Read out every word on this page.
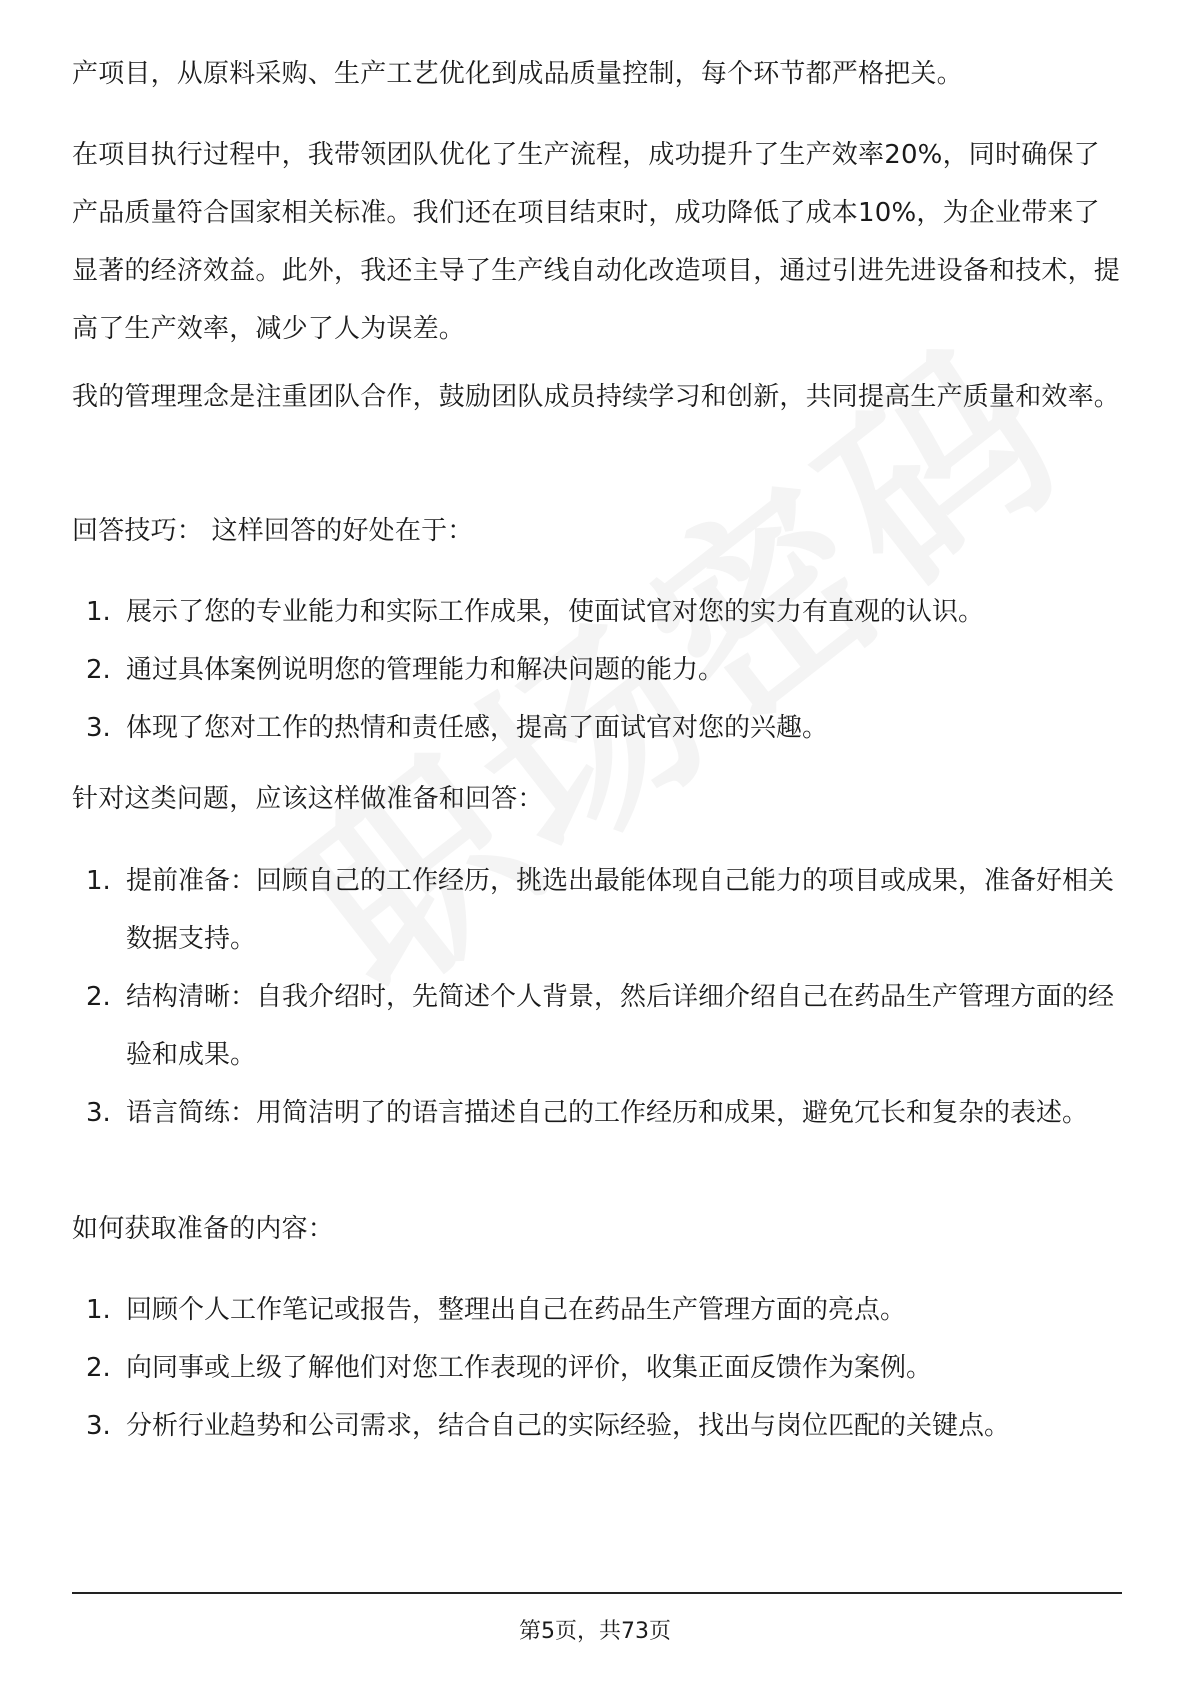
产项目，从原料采购、生产工艺优化到成品质量控制，每个环节都严格把关。

在项目执行过程中，我带领团队优化了生产流程，成功提升了生产效率20%，同时确保了产品质量符合国家相关标准。我们还在项目结束时，成功降低了成本10%，为企业带来了显著的经济效益。此外，我还主导了生产线自动化改造项目，通过引进先进设备和技术，提高了生产效率，减少了人为误差。

我的管理理念是注重团队合作，鼓励团队成员持续学习和创新，共同提高生产质量和效率。

回答技巧： 这样回答的好处在于：

1. 展示了您的专业能力和实际工作成果，使面试官对您的实力有直观的认识。
2. 通过具体案例说明您的管理能力和解决问题的能力。
3. 体现了您对工作的热情和责任感，提高了面试官对您的兴趣。

针对这类问题，应该这样做准备和回答：

1. 提前准备：回顾自己的工作经历，挑选出最能体现自己能力的项目或成果，准备好相关数据支持。
2. 结构清晰：自我介绍时，先简述个人背景，然后详细介绍自己在药品生产管理方面的经验和成果。
3. 语言简练：用简洁明了的语言描述自己的工作经历和成果，避免冗长和复杂的表述。

如何获取准备的内容：

1. 回顾个人工作笔记或报告，整理出自己在药品生产管理方面的亮点。
2. 向同事或上级了解他们对您工作表现的评价，收集正面反馈作为案例。
3. 分析行业趋势和公司需求，结合自己的实际经验，找出与岗位匹配的关键点。
第5页，共73页
